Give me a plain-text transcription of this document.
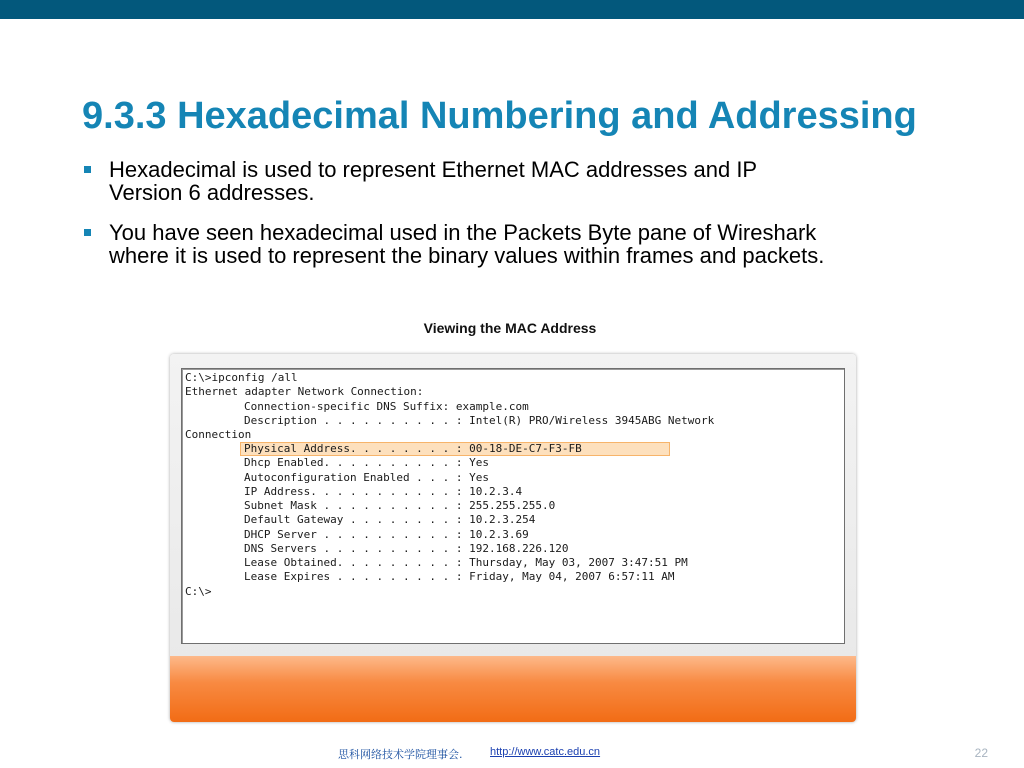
9.3.3 Hexadecimal Numbering and Addressing
Hexadecimal is used to represent Ethernet MAC addresses and IP
Version 6 addresses.
You have seen hexadecimal used in the Packets Byte pane of Wireshark
where it is used to represent the binary values within frames and packets.
Viewing the MAC Address
C:\>ipconfig /all
Ethernet adapter Network Connection:
Connection-specific DNS Suffix: example.com
Description . . . . . . . . . . : Intel(R) PRO/Wireless 3945ABG Network
Connection
Physical Address. . . . . . . . : 00-18-DE-C7-F3-FB
Dhcp Enabled. . . . . . . . . . : Yes
Autoconfiguration Enabled . . . : Yes
IP Address. . . . . . . . . . . : 10.2.3.4
Subnet Mask . . . . . . . . . . : 255.255.255.0
Default Gateway . . . . . . . . : 10.2.3.254
DHCP Server . . . . . . . . . . : 10.2.3.69
DNS Servers . . . . . . . . . . : 192.168.226.120
Lease Obtained. . . . . . . . . : Thursday, May 03, 2007 3:47:51 PM
Lease Expires . . . . . . . . . : Friday, May 04, 2007 6:57:11 AM
C:\>
思科网络技术学院理事会.	http://www.catc.edu.cn	22
